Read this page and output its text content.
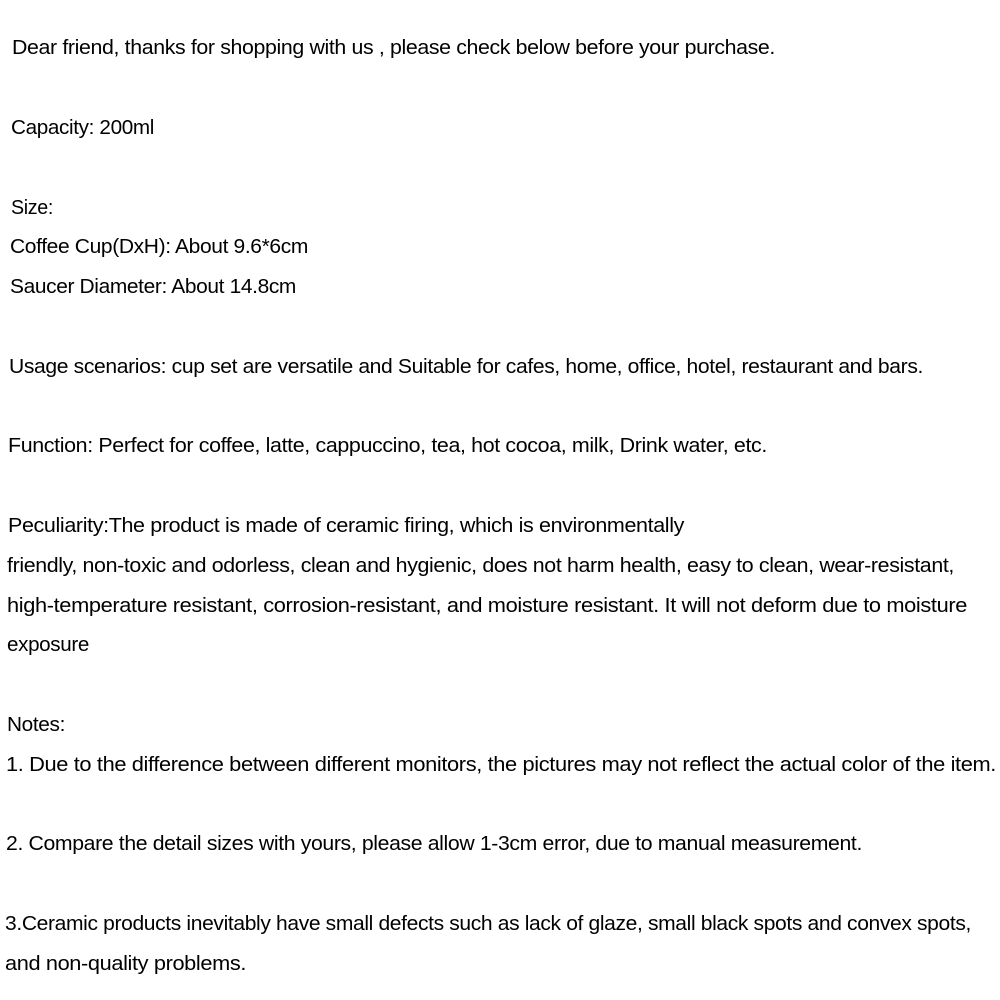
Dear friend, thanks for shopping with us , please check below before your purchase.
Capacity: 200ml
Size:
Coffee Cup(DxH): About 9.6*6cm
Saucer Diameter: About 14.8cm
Usage scenarios: cup set are versatile and Suitable for cafes, home, office, hotel, restaurant and bars.
Function: Perfect for coffee, latte, cappuccino, tea, hot cocoa, milk, Drink water, etc.
Peculiarity:The product is made of ceramic firing, which is environmentally
friendly, non-toxic and odorless, clean and hygienic, does not harm health, easy to clean, wear-resistant,
high-temperature resistant, corrosion-resistant, and moisture resistant. It will not deform due to moisture
exposure
Notes:
1. Due to the difference between different monitors, the pictures may not reflect the actual color of the item.
2. Compare the detail sizes with yours, please allow 1-3cm error, due to manual measurement.
3.Ceramic products inevitably have small defects such as lack of glaze, small black spots and convex spots,
and non-quality problems.
